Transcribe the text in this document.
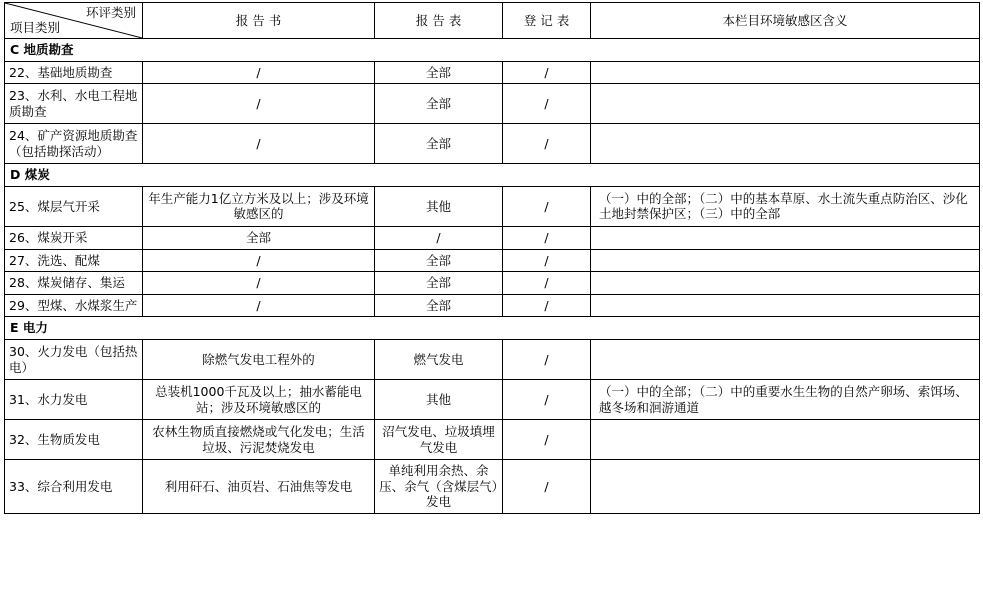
环评类别
项目类别	报 告 书	报 告 表	登 记 表	本栏目环境敏感区含义
C 地质勘查				
22、基础地质勘查	/	全部	/	
23、水利、水电工程地质勘查	/	全部	/	
24、矿产资源地质勘查（包括勘探活动）	/	全部	/	
D 煤炭				
25、煤层气开采	年生产能力1亿立方米及以上；涉及环境敏感区的	其他	/	（一）中的全部；（二）中的基本草原、水土流失重点防治区、沙化土地封禁保护区；（三）中的全部
26、煤炭开采	全部	/	/	
27、洗选、配煤	/	全部	/	
28、煤炭储存、集运	/	全部	/	
29、型煤、水煤浆生产	/	全部	/	
E 电力				
30、火力发电（包括热电）	除燃气发电工程外的	燃气发电	/	
31、水力发电	总装机1000千瓦及以上；抽水蓄能电站；涉及环境敏感区的	其他	/	（一）中的全部；（二）中的重要水生生物的自然产卵场、索饵场、越冬场和洄游通道
32、生物质发电	农林生物质直接燃烧或气化发电；生活垃圾、污泥焚烧发电	沼气发电、垃圾填埋气发电	/	
33、综合利用发电	利用矸石、油页岩、石油焦等发电	单纯利用余热、余压、余气（含煤层气）发电	/	
